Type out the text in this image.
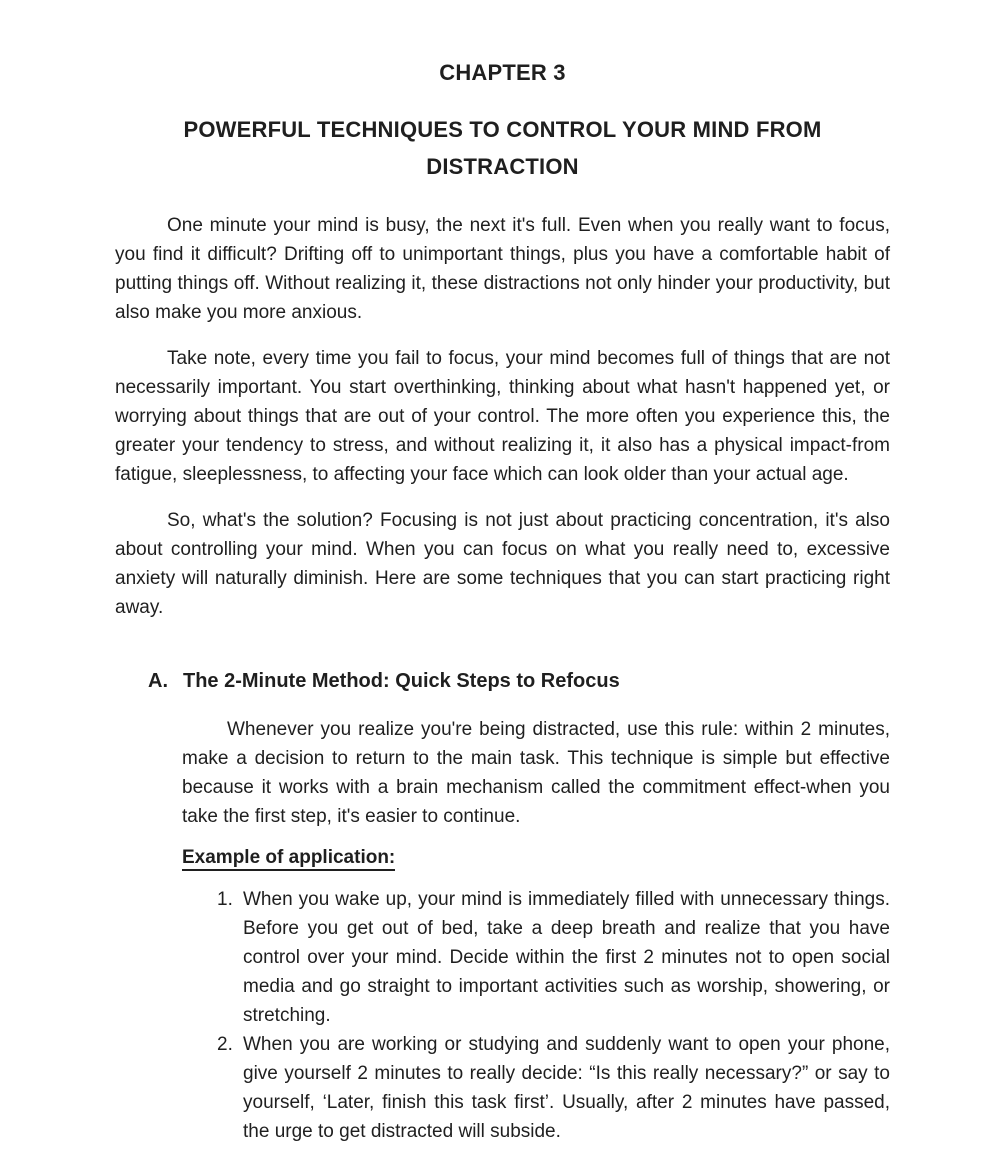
CHAPTER 3
POWERFUL TECHNIQUES TO CONTROL YOUR MIND FROM
DISTRACTION

One minute your mind is busy, the next it's full. Even when you really want to focus, you find it difficult? Drifting off to unimportant things, plus you have a comfortable habit of putting things off. Without realizing it, these distractions not only hinder your productivity, but also make you more anxious.

Take note, every time you fail to focus, your mind becomes full of things that are not necessarily important. You start overthinking, thinking about what hasn't happened yet, or worrying about things that are out of your control. The more often you experience this, the greater your tendency to stress, and without realizing it, it also has a physical impact-from fatigue, sleeplessness, to affecting your face which can look older than your actual age.

So, what's the solution? Focusing is not just about practicing concentration, it's also about controlling your mind. When you can focus on what you really need to, excessive anxiety will naturally diminish. Here are some techniques that you can start practicing right away.

A. The 2-Minute Method: Quick Steps to Refocus

Whenever you realize you're being distracted, use this rule: within 2 minutes, make a decision to return to the main task. This technique is simple but effective because it works with a brain mechanism called the commitment effect-when you take the first step, it's easier to continue.

Example of application:
1. When you wake up, your mind is immediately filled with unnecessary things. Before you get out of bed, take a deep breath and realize that you have control over your mind. Decide within the first 2 minutes not to open social media and go straight to important activities such as worship, showering, or stretching.
2. When you are working or studying and suddenly want to open your phone, give yourself 2 minutes to really decide: “Is this really necessary?” or say to yourself, ‘Later, finish this task first’. Usually, after 2 minutes have passed, the urge to get distracted will subside.
